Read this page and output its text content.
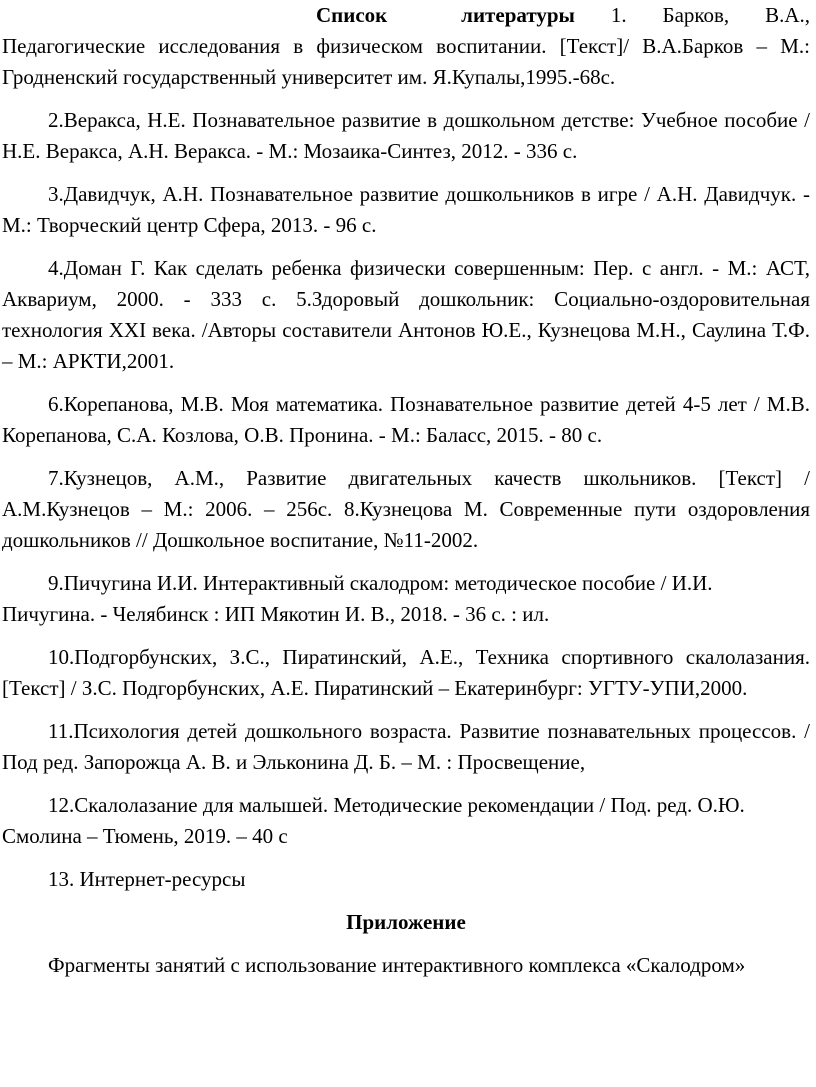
Список литературы 1. Барков, В.А., Педагогические исследования в физическом воспитании. [Текст]/ В.А.Барков – М.: Гродненский государственный университет им. Я.Купалы,1995.-68с.

2.Веракса, Н.Е. Познавательное развитие в дошкольном детстве: Учебное пособие / Н.Е. Веракса, А.Н. Веракса. - М.: Мозаика-Синтез, 2012. - 336 с.

3.Давидчук, А.Н. Познавательное развитие дошкольников в игре / А.Н. Давидчук. - М.: Творческий центр Сфера, 2013. - 96 с.

4.Доман Г. Как сделать ребенка физически совершенным: Пер. с англ. - М.: АСТ, Аквариум, 2000. - 333 с. 5.Здоровый дошкольник: Социально-оздоровительная технология XXI века. /Авторы составители Антонов Ю.Е., Кузнецова М.Н., Саулина Т.Ф. – М.: АРКТИ,2001.

6.Корепанова, М.В. Моя математика. Познавательное развитие детей 4-5 лет / М.В. Корепанова, С.А. Козлова, О.В. Пронина. - М.: Баласс, 2015. - 80 с.

7.Кузнецов, А.М., Развитие двигательных качеств школьников. [Текст] / А.М.Кузнецов – М.: 2006. – 256с. 8.Кузнецова М. Современные пути оздоровления дошкольников // Дошкольное воспитание, №11-2002.

9.Пичугина И.И. Интерактивный скалодром: методическое пособие / И.И. Пичугина. - Челябинск : ИП Мякотин И. В., 2018. - 36 с. : ил.

10.Подгорбунских, З.С., Пиратинский, А.Е., Техника спортивного скалолазания. [Текст] / З.С. Подгорбунских, А.Е. Пиратинский – Екатеринбург: УГТУ-УПИ,2000.

11.Психология детей дошкольного возраста. Развитие познавательных процессов. / Под ред. Запорожца А. В. и Эльконина Д. Б. – М. : Просвещение,

12.Скалолазание для малышей. Методические рекомендации / Под. ред. О.Ю. Смолина – Тюмень, 2019. – 40 с

13. Интернет-ресурсы

Приложение

Фрагменты занятий с использование интерактивного комплекса «Скалодром»
